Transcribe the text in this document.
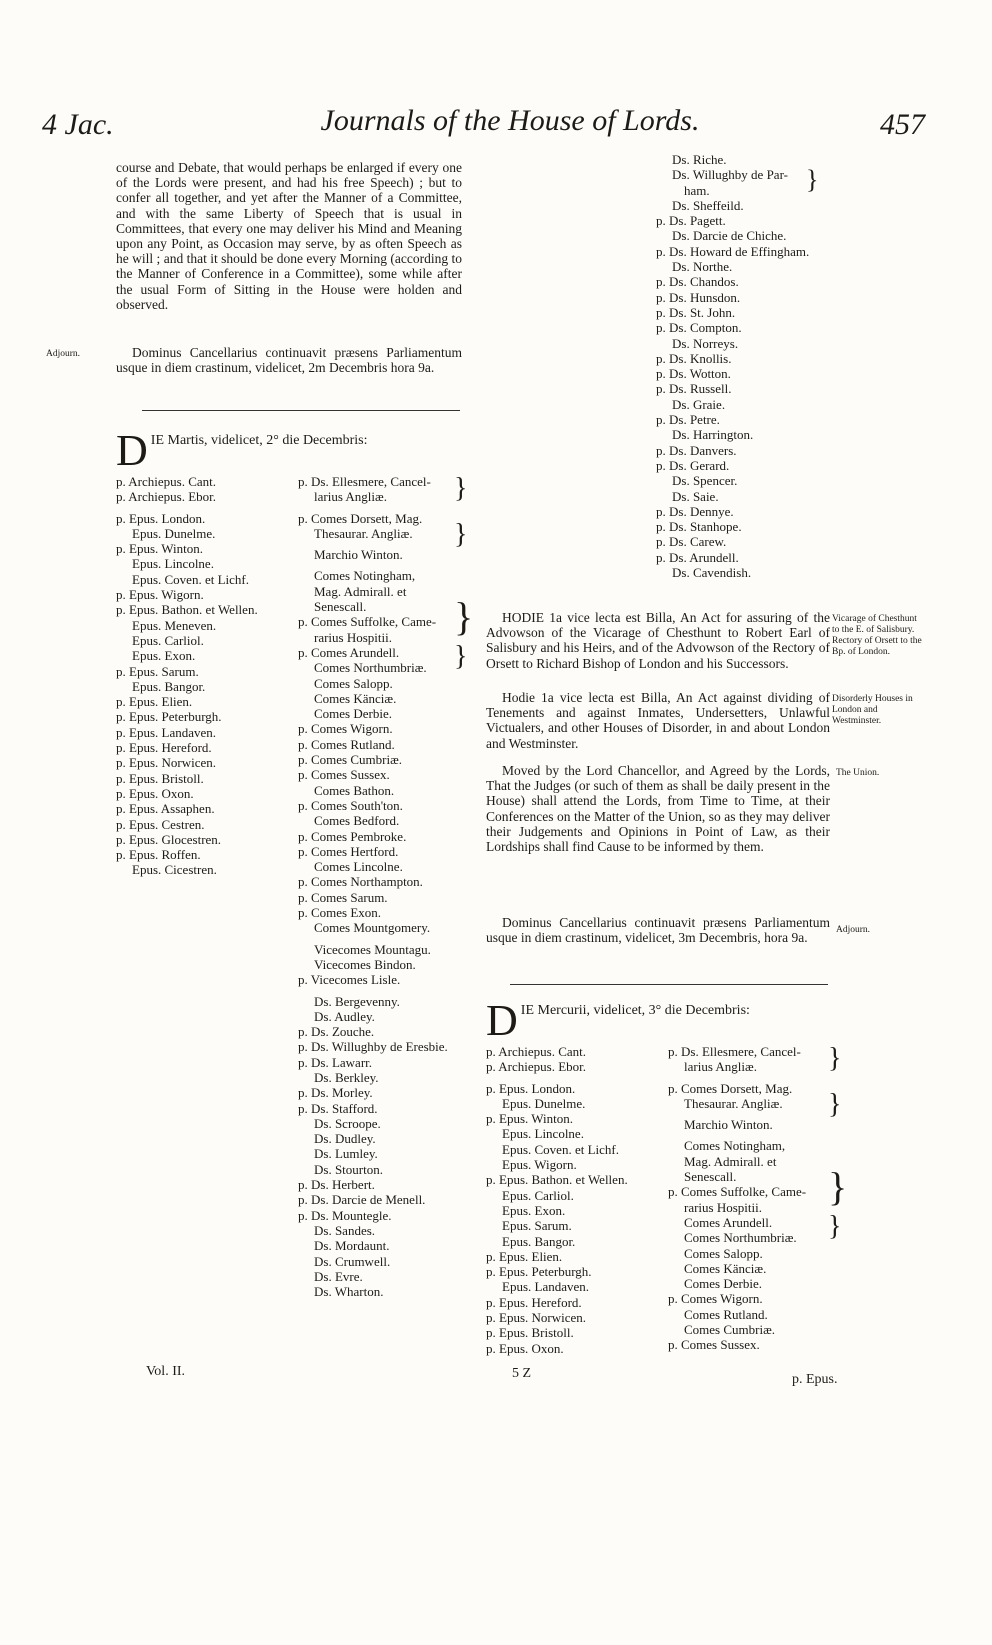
4 Jac.	Journals of the House of Lords.	457
course and Debate, that would perhaps be enlarged if every one of the Lords were present, and had his free Speech) ; but to confer all together, and yet after the Manner of a Committee, and with the same Liberty of Speech that is usual in Committees, that every one may deliver his Mind and Meaning upon any Point, as Occasion may serve, by as often Speech as he will ; and that it should be done every Morning (according to the Manner of Conference in a Committee), some while after the usual Form of Sitting in the House were holden and observed.
Adjourn.	Dominus Cancellarius continuavit præsens Parliamentum usque in diem crastinum, videlicet, 2m Decembris hora 9a.
D IE Martis, videlicet, 2° die Decembris:
p. Archiepus. Cant.
p. Archiepus. Ebor.
p. Epus. London.
Epus. Dunelme.
p. Epus. Winton.
Epus. Lincolne.
Epus. Coven. et Lichf.
p. Epus. Wigorn.
p. Epus. Bathon. et Wellen.
Epus. Meneven.
Epus. Carliol.
Epus. Exon.
p. Epus. Sarum.
Epus. Bangor.
p. Epus. Elien.
p. Epus. Peterburgh.
p. Epus. Landaven.
p. Epus. Hereford.
p. Epus. Norwicen.
p. Epus. Bristoll.
p. Epus. Oxon.
p. Epus. Assaphen.
p. Epus. Cestren.
p. Epus. Glocestren.
p. Epus. Roffen.
Epus. Cicestren.
p. Ds. Ellesmere, Cancel-
larius Angliæ.
p. Comes Dorsett, Mag.
Thesaurar. Angliæ.
Marchio Winton.
Comes Notingham,
Mag. Admirall. et
Senescall.
p. Comes Suffolke, Came-
rarius Hospitii.
p. Comes Arundell.
Comes Northumbriæ.
Comes Salopp.
Comes Känciæ.
Comes Derbie.
p. Comes Wigorn.
p. Comes Rutland.
p. Comes Cumbriæ.
p. Comes Sussex.
Comes Bathon.
p. Comes South'ton.
Comes Bedford.
p. Comes Pembroke.
p. Comes Hertford.
Comes Lincolne.
p. Comes Northampton.
p. Comes Sarum.
p. Comes Exon.
Comes Mountgomery.
Vicecomes Mountagu.
Vicecomes Bindon.
p. Vicecomes Lisle.
Ds. Bergevenny.
Ds. Audley.
p. Ds. Zouche.
p. Ds. Willughby de Eresbie.
p. Ds. Lawarr.
Ds. Berkley.
p. Ds. Morley.
p. Ds. Stafford.
Ds. Scroope.
Ds. Dudley.
Ds. Lumley.
Ds. Stourton.
p. Ds. Herbert.
p. Ds. Darcie de Menell.
p. Ds. Mountegle.
Ds. Sandes.
Ds. Mordaunt.
Ds. Crumwell.
Ds. Evre.
Ds. Wharton.
}
}
}
}
Ds. Riche.
Ds. Willughby de Par-
ham.
Ds. Sheffeild.
p. Ds. Pagett.
Ds. Darcie de Chiche.
p. Ds. Howard de Effingham.
Ds. Northe.
p. Ds. Chandos.
p. Ds. Hunsdon.
p. Ds. St. John.
p. Ds. Compton.
Ds. Norreys.
p. Ds. Knollis.
p. Ds. Wotton.
p. Ds. Russell.
Ds. Graie.
p. Ds. Petre.
Ds. Harrington.
p. Ds. Danvers.
p. Ds. Gerard.
Ds. Spencer.
Ds. Saie.
p. Ds. Dennye.
p. Ds. Stanhope.
p. Ds. Carew.
p. Ds. Arundell.
Ds. Cavendish.
}
HODIE 1a vice lecta est Billa, An Act for assuring of the Advowson of the Vicarage of Chesthunt to Robert Earl of Salisbury and his Heirs, and of the Advowson of the Rectory of Orsett to Richard Bishop of London and his Successors.
Vicarage of Chesthunt to the E. of Salisbury. Rectory of Orsett to the Bp. of London.
Hodie 1a vice lecta est Billa, An Act against dividing of Tenements and against Inmates, Undersetters, Unlawful Victualers, and other Houses of Disorder, in and about London and Westminster.
Disorderly Houses in London and Westminster.
Moved by the Lord Chancellor, and Agreed by the Lords, That the Judges (or such of them as shall be daily present in the House) shall attend the Lords, from Time to Time, at their Conferences on the Matter of the Union, so as they may deliver their Judgements and Opinions in Point of Law, as their Lordships shall find Cause to be informed by them.
The Union.
Dominus Cancellarius continuavit præsens Parliamentum usque in diem crastinum, videlicet, 3m Decembris, hora 9a.
Adjourn.
D IE Mercurii, videlicet, 3° die Decembris:
p. Archiepus. Cant.
p. Archiepus. Ebor.
p. Epus. London.
Epus. Dunelme.
p. Epus. Winton.
Epus. Lincolne.
Epus. Coven. et Lichf.
Epus. Wigorn.
p. Epus. Bathon. et Wellen.
Epus. Carliol.
Epus. Exon.
Epus. Sarum.
Epus. Bangor.
p. Epus. Elien.
p. Epus. Peterburgh.
Epus. Landaven.
p. Epus. Hereford.
p. Epus. Norwicen.
p. Epus. Bristoll.
p. Epus. Oxon.
p. Ds. Ellesmere, Cancel-
larius Angliæ.
p. Comes Dorsett, Mag.
Thesaurar. Angliæ.
Marchio Winton.
Comes Notingham,
Mag. Admirall. et
Senescall.
p. Comes Suffolke, Came-
rarius Hospitii.
Comes Arundell.
Comes Northumbriæ.
Comes Salopp.
Comes Känciæ.
Comes Derbie.
p. Comes Wigorn.
Comes Rutland.
Comes Cumbriæ.
p. Comes Sussex.
}
}
}
}
Vol. II.	5 Z	p. Epus.
